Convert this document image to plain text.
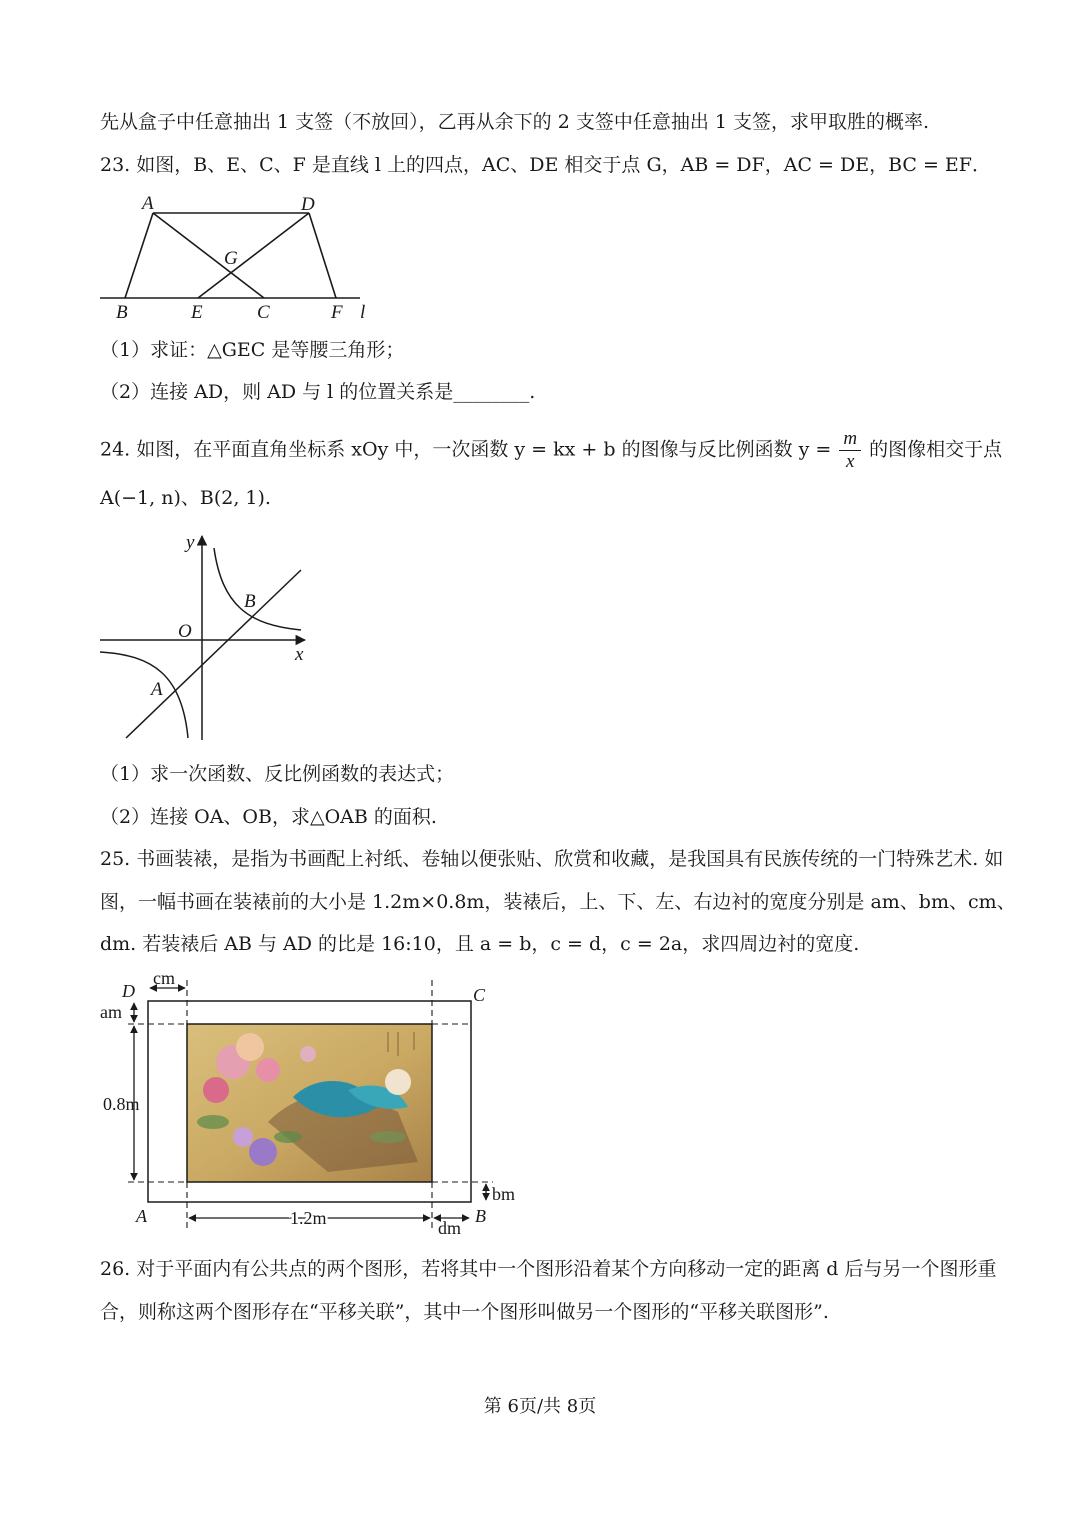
先从盒子中任意抽出 1 支签（不放回），乙再从余下的 2 支签中任意抽出 1 支签，求甲取胜的概率.
23. 如图，B、E、C、F 是直线 l 上的四点，AC、DE 相交于点 G，AB = DF，AC = DE，BC = EF．
A	D
G
B	E	C	F l
（1）求证：△GEC 是等腰三角形；
（2）连接 AD，则 AD 与 l 的位置关系是________.
24. 如图，在平面直角坐标系 xOy 中，一次函数 y = kx + b 的图像与反比例函数 $y = \frac{m}{x}$ 的图像相交于点
A(−1, n)、B(2, 1).
y
x
O
A
B
（1）求一次函数、反比例函数的表达式；
（2）连接 OA、OB，求△OAB 的面积.
25. 书画装裱，是指为书画配上衬纸、卷轴以便张贴、欣赏和收藏，是我国具有民族传统的一门特殊艺术. 如
图，一幅书画在装裱前的大小是 1.2m×0.8m，装裱后，上、下、左、右边衬的宽度分别是 am、bm、cm、
dm. 若装裱后 AB 与 AD 的比是 16:10，且 a = b，c = d，c = 2a，求四周边衬的宽度.
D	C
A	B
cm
am
0.8m
bm
1.2m	dm
26. 对于平面内有公共点的两个图形，若将其中一个图形沿着某个方向移动一定的距离 d 后与另一个图形重
合，则称这两个图形存在“平移关联”，其中一个图形叫做另一个图形的“平移关联图形”.
第 6页/共 8页
